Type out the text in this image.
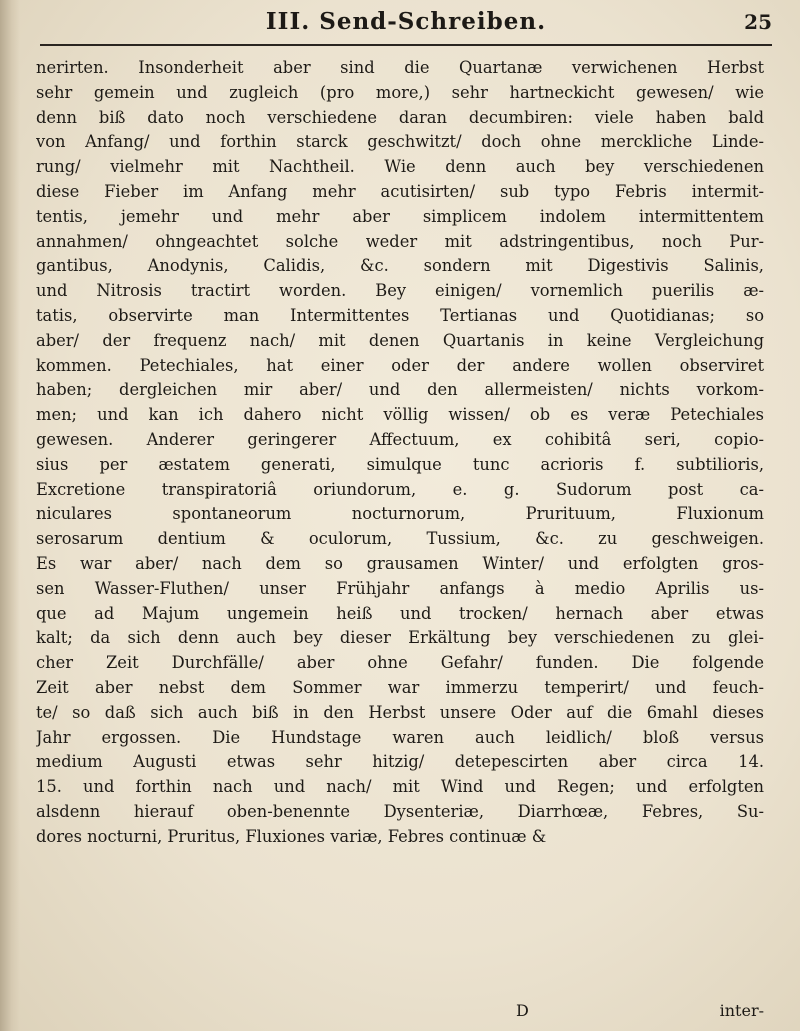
III. Send-Schreiben.	25
nerirten. Insonderheit aber sind die Quartanæ verwichenen Herbst
sehr gemein und zugleich (pro more,) sehr hartneckicht gewesen/ wie
denn biß dato noch verschiedene daran decumbiren: viele haben bald
von Anfang/ und forthin starck geschwitzt/ doch ohne merckliche Linde-
rung/ vielmehr mit Nachtheil. Wie denn auch bey verschiedenen
diese Fieber im Anfang mehr acutisirten/ sub typo Febris intermit-
tentis, jemehr und mehr aber simplicem indolem intermittentem
annahmen/ ohngeachtet solche weder mit adstringentibus, noch Pur-
gantibus, Anodynis, Calidis, &c. sondern mit Digestivis Salinis,
und Nitrosis tractirt worden. Bey einigen/ vornemlich puerilis æ-
tatis, observirte man Intermittentes Tertianas und Quotidianas; so
aber/ der frequenz nach/ mit denen Quartanis in keine Vergleichung
kommen. Petechiales, hat einer oder der andere wollen observiret
haben; dergleichen mir aber/ und den allermeisten/ nichts vorkom-
men; und kan ich dahero nicht völlig wissen/ ob es veræ Petechiales
gewesen. Anderer geringerer Affectuum, ex cohibitâ seri, copio-
sius per æstatem generati, simulque tunc acrioris f. subtilioris,
Excretione transpiratoriâ oriundorum, e. g. Sudorum post ca-
niculares spontaneorum nocturnorum, Prurituum, Fluxionum
serosarum dentium & oculorum, Tussium, &c. zu geschweigen.
Es war aber/ nach dem so grausamen Winter/ und erfolgten gros-
sen Wasser-Fluthen/ unser Frühjahr anfangs à medio Aprilis us-
que ad Majum ungemein heiß und trocken/ hernach aber etwas
kalt; da sich denn auch bey dieser Erkältung bey verschiedenen zu glei-
cher Zeit Durchfälle/ aber ohne Gefahr/ funden. Die folgende
Zeit aber nebst dem Sommer war immerzu temperirt/ und feuch-
te/ so daß sich auch biß in den Herbst unsere Oder auf die 6mahl dieses
Jahr ergossen. Die Hundstage waren auch leidlich/ bloß versus
medium Augusti etwas sehr hitzig/ detepescirten aber circa 14.
15. und forthin nach und nach/ mit Wind und Regen; und erfolgten
alsdenn hierauf oben-benennte Dysenteriæ, Diarrhœæ, Febres, Su-
dores nocturni, Pruritus, Fluxiones variæ, Febres continuæ &
D	inter-
